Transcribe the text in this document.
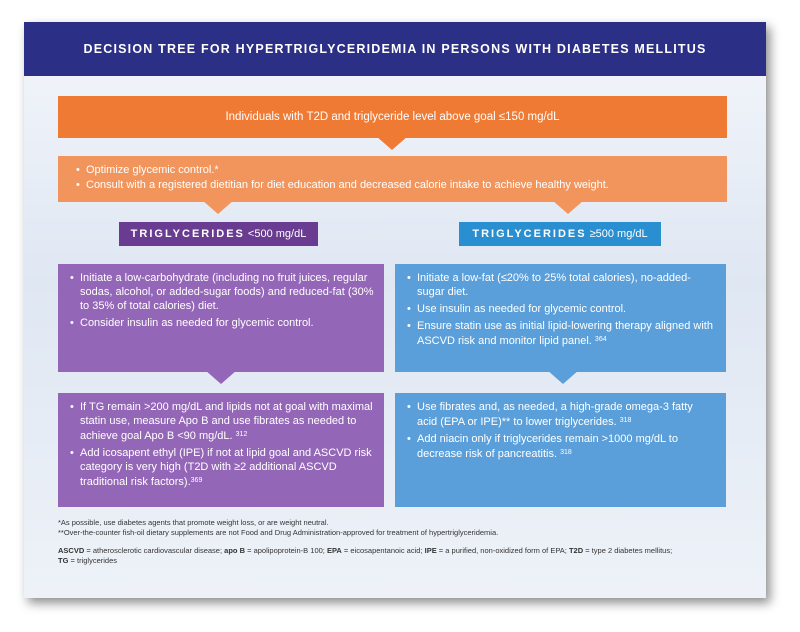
DECISION TREE FOR HYPERTRIGLYCERIDEMIA IN PERSONS WITH DIABETES MELLITUS
Individuals with T2D and triglyceride level above goal ≤150 mg/dL
• Optimize glycemic control.*
• Consult with a registered dietitian for diet education and decreased calorie intake to achieve healthy weight.
TRIGLYCERIDES <500 mg/dL	TRIGLYCERIDES ≥500 mg/dL
• Initiate a low-carbohydrate (including no fruit juices, regular sodas, alcohol, or added-sugar foods) and reduced-fat (30% to 35% of total calories) diet.
• Consider insulin as needed for glycemic control.
• Initiate a low-fat (≤20% to 25% total calories), no-added-sugar diet.
• Use insulin as needed for glycemic control.
• Ensure statin use as initial lipid-lowering therapy aligned with ASCVD risk and monitor lipid panel. $^{364}$
• If TG remain >200 mg/dL and lipids not at goal with maximal statin use, measure Apo B and use fibrates as needed to achieve goal Apo B <90 mg/dL. $^{312}$
• Add icosapent ethyl (IPE) if not at lipid goal and ASCVD risk category is very high (T2D with ≥2 additional ASCVD traditional risk factors).$^{369}$
• Use fibrates and, as needed, a high-grade omega-3 fatty acid (EPA or IPE)** to lower triglycerides. $^{318}$
• Add niacin only if triglycerides remain >1000 mg/dL to decrease risk of pancreatitis. $^{318}$
*As possible, use diabetes agents that promote weight loss, or are weight neutral.
**Over-the-counter fish-oil dietary supplements are not Food and Drug Administration-approved for treatment of hypertriglyceridemia.
ASCVD = atherosclerotic cardiovascular disease; apo B = apolipoprotein-B 100; EPA = eicosapentanoic acid; IPE = a purified, non-oxidized form of EPA; T2D = type 2 diabetes mellitus;
TG = triglycerides
